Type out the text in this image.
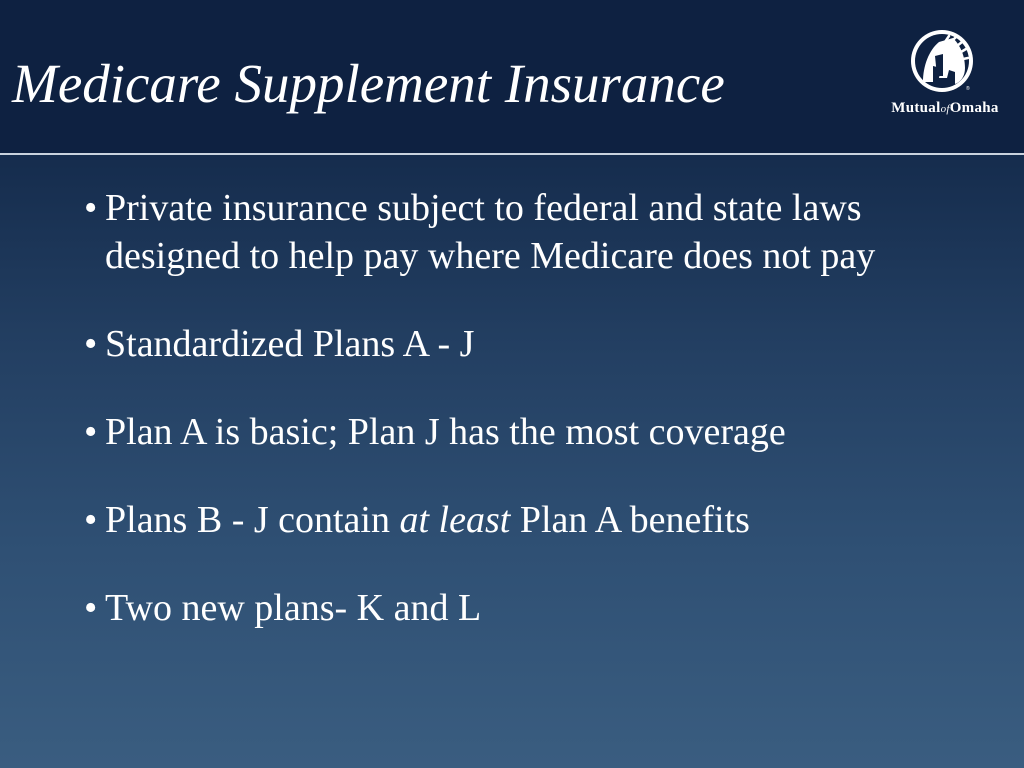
Medicare Supplement Insurance	®
MutualofOmaha
• Private insurance subject to federal and state laws designed to help pay where Medicare does not pay
• Standardized Plans A - J
• Plan A is basic; Plan J has the most coverage
• Plans B - J contain at least Plan A benefits
• Two new plans- K and L
